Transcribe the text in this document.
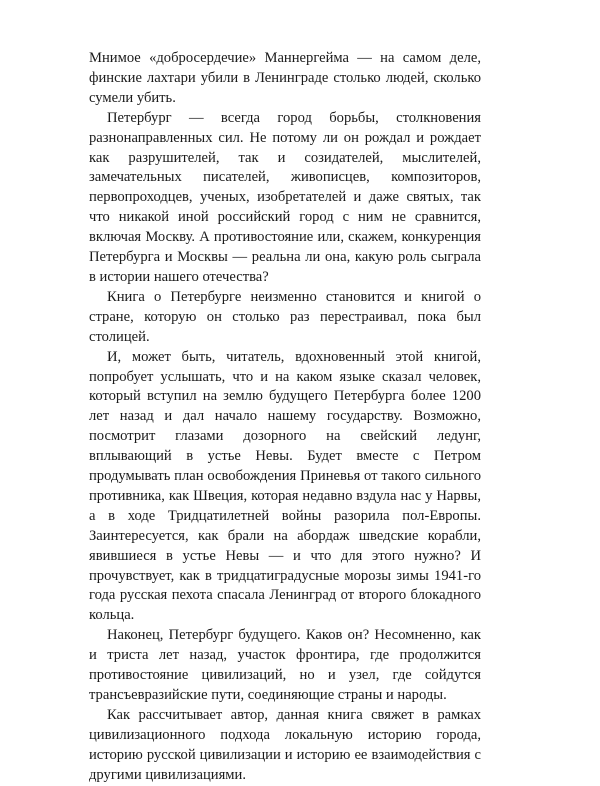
Мнимое «добросердечие» Маннергейма — на самом деле, финские лахтари убили в Ленинграде столько людей, сколько сумели убить.

Петербург — всегда город борьбы, столкновения разнонаправленных сил. Не потому ли он рождал и рождает как разрушителей, так и созидателей, мыслителей, замечательных писателей, живописцев, композиторов, первопроходцев, ученых, изобретателей и даже святых, так что никакой иной российский город с ним не сравнится, включая Москву. А противостояние или, скажем, конкуренция Петербурга и Москвы — реальна ли она, какую роль сыграла в истории нашего отечества?

Книга о Петербурге неизменно становится и книгой о стране, которую он столько раз перестраивал, пока был столицей.

И, может быть, читатель, вдохновенный этой книгой, попробует услышать, что и на каком языке сказал человек, который вступил на землю будущего Петербурга более 1200 лет назад и дал начало нашему государству. Возможно, посмотрит глазами дозорного на свейский ледунг, вплывающий в устье Невы. Будет вместе с Петром продумывать план освобождения Приневья от такого сильного противника, как Швеция, которая недавно вздула нас у Нарвы, а в ходе Тридцатилетней войны разорила пол-Европы. Заинтересуется, как брали на абордаж шведские корабли, явившиеся в устье Невы — и что для этого нужно? И прочувствует, как в тридцатиградусные морозы зимы 1941-го года русская пехота спасала Ленинград от второго блокадного кольца.

Наконец, Петербург будущего. Каков он? Несомненно, как и триста лет назад, участок фронтира, где продолжится противостояние цивилизаций, но и узел, где сойдутся трансъевразийские пути, соединяющие страны и народы.

Как рассчитывает автор, данная книга свяжет в рамках цивилизационного подхода локальную историю города, историю русской цивилизации и историю ее взаимодействия с другими цивилизациями.
